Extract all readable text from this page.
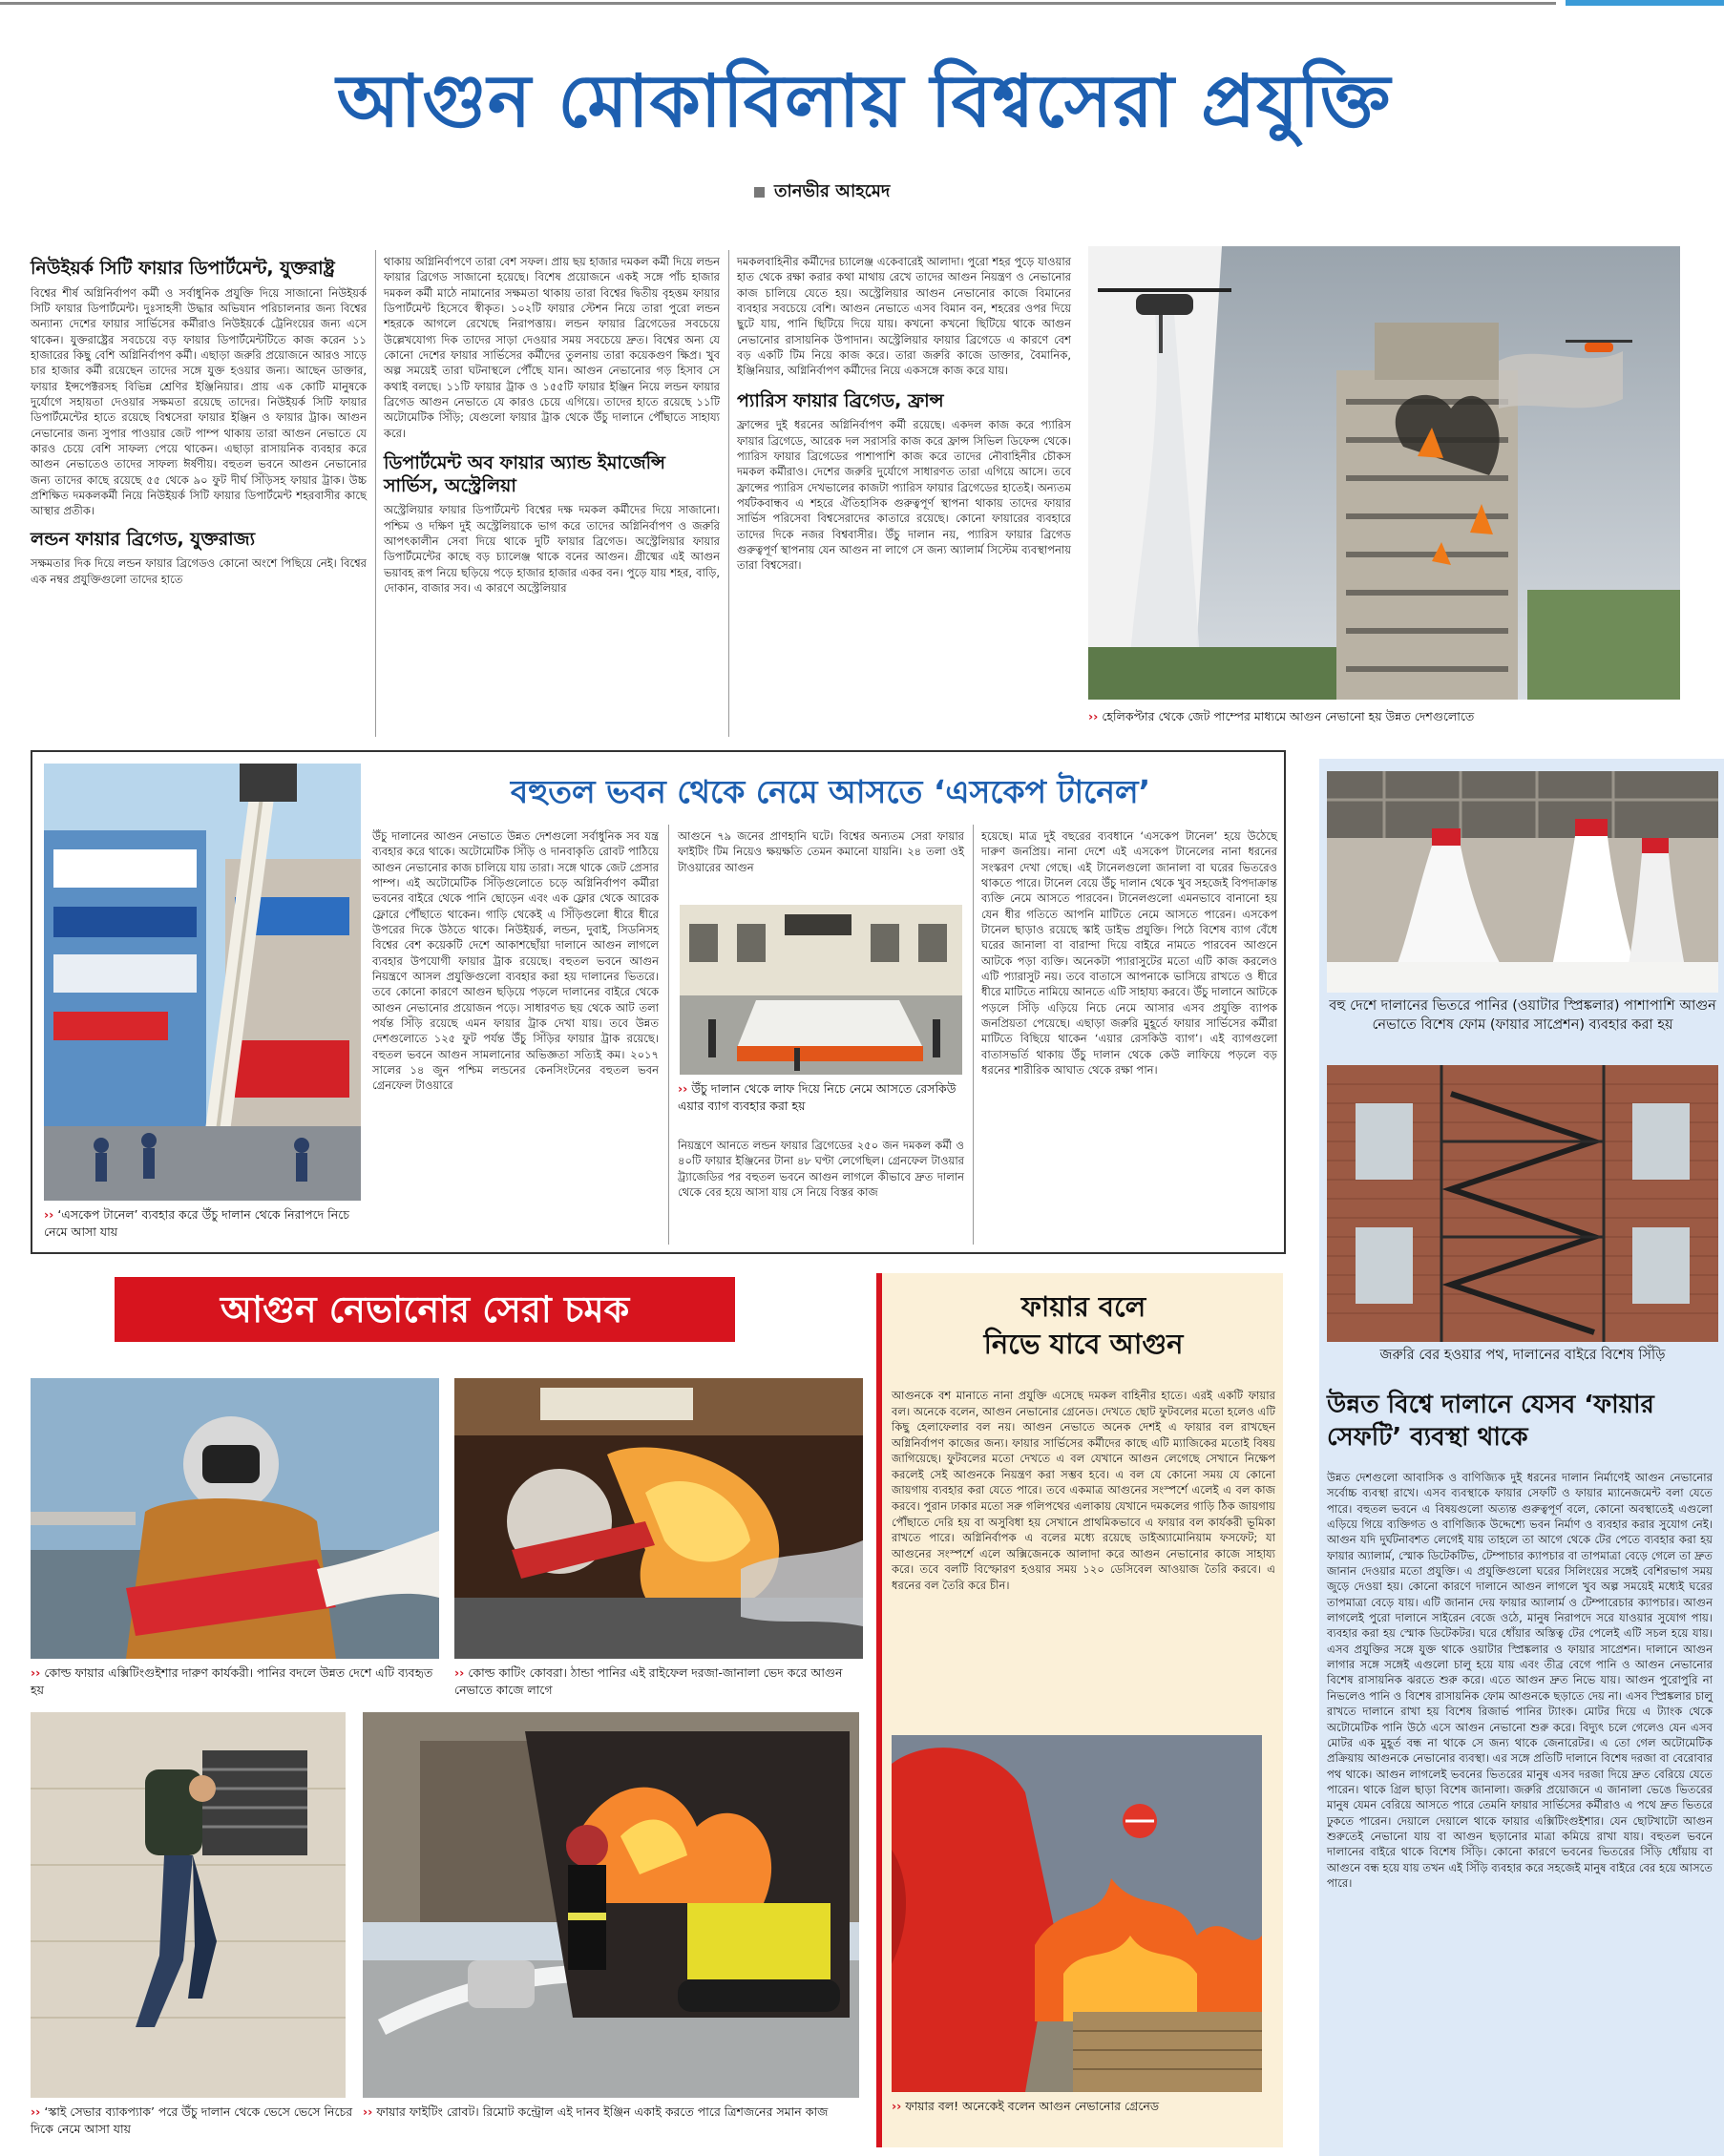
আগুন মোকাবিলায় বিশ্বসেরা প্রযুক্তি
তানভীর আহমেদ
নিউইয়র্ক সিটি ফায়ার ডিপার্টমেন্ট, যুক্তরাষ্ট্র
বিশ্বের শীর্ষ অগ্নিনির্বাপণ কর্মী ও সর্বাধুনিক প্রযুক্তি দিয়ে সাজানো নিউইয়র্ক সিটি ফায়ার ডিপার্টমেন্ট। দুঃসাহসী উদ্ধার অভিযান পরিচালনার জন্য বিশ্বের অন্যান্য দেশের ফায়ার সার্ভিসের কর্মীরাও নিউইয়র্কে ট্রেনিংয়ের জন্য এসে থাকেন। যুক্তরাষ্ট্রের সবচেয়ে বড় ফায়ার ডিপার্টমেন্টটিতে কাজ করেন ১১ হাজারের কিছু বেশি অগ্নিনির্বাপণ কর্মী। এছাড়া জরুরি প্রয়োজনে আরও সাড়ে চার হাজার কর্মী রয়েছেন তাদের সঙ্গে যুক্ত হওয়ার জন্য। আছেন ডাক্তার, ফায়ার ইন্সপেক্টরসহ বিভিন্ন শ্রেণির ইঞ্জিনিয়ার। প্রায় এক কোটি মানুষকে দুর্যোগে সহায়তা দেওয়ার সক্ষমতা রয়েছে তাদের। নিউইয়র্ক সিটি ফায়ার ডিপার্টমেন্টের হাতে রয়েছে বিশ্বসেরা ফায়ার ইঞ্জিন ও ফায়ার ট্রাক। আগুন নেভানোর জন্য সুপার পাওয়ার জেট পাম্প থাকায় তারা আগুন নেভাতে যে কারও চেয়ে বেশি সাফল্য পেয়ে থাকেন। এছাড়া রাসায়নিক ব্যবহার করে আগুন নেভাতেও তাদের সাফল্য ঈর্ষণীয়। বহুতল ভবনে আগুন নেভানোর জন্য তাদের কাছে রয়েছে ৫৫ থেকে ৯০ ফুট দীর্ঘ সিঁড়িসহ ফায়ার ট্রাক। উচ্চ প্রশিক্ষিত দমকলকর্মী নিয়ে নিউইয়র্ক সিটি ফায়ার ডিপার্টমেন্ট শহরবাসীর কাছে আস্থার প্রতীক।
লন্ডন ফায়ার ব্রিগেড, যুক্তরাজ্য
সক্ষমতার দিক দিয়ে লন্ডন ফায়ার ব্রিগেডও কোনো অংশে পিছিয়ে নেই। বিশ্বের এক নম্বর প্রযুক্তিগুলো তাদের হাতে
থাকায় অগ্নিনির্বাপণে তারা বেশ সফল। প্রায় ছয় হাজার দমকল কর্মী দিয়ে লন্ডন ফায়ার ব্রিগেড সাজানো হয়েছে। বিশেষ প্রয়োজনে একই সঙ্গে পাঁচ হাজার দমকল কর্মী মাঠে নামানোর সক্ষমতা থাকায় তারা বিশ্বের দ্বিতীয় বৃহত্তম ফায়ার ডিপার্টমেন্ট হিসেবে স্বীকৃত। ১০২টি ফায়ার স্টেশন নিয়ে তারা পুরো লন্ডন শহরকে আগলে রেখেছে নিরাপত্তায়। লন্ডন ফায়ার ব্রিগেডের সবচেয়ে উল্লেখযোগ্য দিক তাদের সাড়া দেওয়ার সময় সবচেয়ে দ্রুত। বিশ্বের অন্য যে কোনো দেশের ফায়ার সার্ভিসের কর্মীদের তুলনায় তারা কয়েকগুণ ক্ষিপ্র। খুব অল্প সময়েই তারা ঘটনাস্থলে পৌঁছে যান। আগুন নেভানোর গড় হিসাব সে কথাই বলছে। ১১টি ফায়ার ট্রাক ও ১৫৫টি ফায়ার ইঞ্জিন নিয়ে লন্ডন ফায়ার ব্রিগেড আগুন নেভাতে যে কারও চেয়ে এগিয়ে। তাদের হাতে রয়েছে ১১টি অটোমেটিক সিঁড়ি; যেগুলো ফায়ার ট্রাক থেকে উঁচু দালানে পৌঁছাতে সাহায্য করে।
ডিপার্টমেন্ট অব ফায়ার অ্যান্ড ইমার্জেন্সি সার্ভিস, অস্ট্রেলিয়া
অস্ট্রেলিয়ার ফায়ার ডিপার্টমেন্ট বিশ্বের দক্ষ দমকল কর্মীদের দিয়ে সাজানো। পশ্চিম ও দক্ষিণ দুই অস্ট্রেলিয়াকে ভাগ করে তাদের অগ্নিনির্বাপণ ও জরুরি আপৎকালীন সেবা দিয়ে থাকে দুটি ফায়ার ব্রিগেড। অস্ট্রেলিয়ার ফায়ার ডিপার্টমেন্টের কাছে বড় চ্যালেঞ্জ থাকে বনের আগুন। গ্রীষ্মের এই আগুন ভয়াবহ রূপ নিয়ে ছড়িয়ে পড়ে হাজার হাজার একর বন। পুড়ে যায় শহর, বাড়ি, দোকান, বাজার সব। এ কারণে অস্ট্রেলিয়ার
দমকলবাহিনীর কর্মীদের চ্যালেঞ্জ একেবারেই আলাদা। পুরো শহর পুড়ে যাওয়ার হাত থেকে রক্ষা করার কথা মাথায় রেখে তাদের আগুন নিয়ন্ত্রণ ও নেভানোর কাজ চালিয়ে যেতে হয়। অস্ট্রেলিয়ার আগুন নেভানোর কাজে বিমানের ব্যবহার সবচেয়ে বেশি। আগুন নেভাতে এসব বিমান বন, শহরের ওপর দিয়ে ছুটে যায়, পানি ছিটিয়ে দিয়ে যায়। কখনো কখনো ছিটিয়ে থাকে আগুন নেভানোর রাসায়নিক উপাদান। অস্ট্রেলিয়ার ফায়ার ব্রিগেডে এ কারণে বেশ বড় একটি টিম নিয়ে কাজ করে। তারা জরুরি কাজে ডাক্তার, বৈমানিক, ইঞ্জিনিয়ার, অগ্নিনির্বাপণ কর্মীদের নিয়ে একসঙ্গে কাজ করে যায়।
প্যারিস ফায়ার ব্রিগেড, ফ্রান্স
ফ্রান্সের দুই ধরনের অগ্নিনির্বাপণ কর্মী রয়েছে। একদল কাজ করে প্যারিস ফায়ার ব্রিগেডে, আরেক দল সরাসরি কাজ করে ফ্রান্স সিভিল ডিফেন্স থেকে। প্যারিস ফায়ার ব্রিগেডের পাশাপাশি কাজ করে তাদের নৌবাহিনীর চৌকস দমকল কর্মীরাও। দেশের জরুরি দুর্যোগে সাধারণত তারা এগিয়ে আসে। তবে ফ্রান্সের প্যারিস দেখভালের কাজটা প্যারিস ফায়ার ব্রিগেডের হাতেই। অন্যতম পর্যটকবান্ধব এ শহরে ঐতিহাসিক গুরুত্বপূর্ণ স্থাপনা থাকায় তাদের ফায়ার সার্ভিস পরিসেবা বিশ্বসেরাদের কাতারে রয়েছে। কোনো ফায়ারের ব্যবহারে তাদের দিকে নজর বিশ্ববাসীর। উঁচু দালান নয়, প্যারিস ফায়ার ব্রিগেড গুরুত্বপূর্ণ স্থাপনায় যেন আগুন না লাগে সে জন্য অ্যালার্ম সিস্টেম ব্যবস্থাপনায় তারা বিশ্বসেরা।
›› হেলিকপ্টার থেকে জেট পাম্পের মাধ্যমে আগুন নেভানো হয় উন্নত দেশগুলোতে
বহুতল ভবন থেকে নেমে আসতে ‘এসকেপ টানেল’
›› ‘এসকেপ টানেল’ ব্যবহার করে উঁচু দালান থেকে নিরাপদে নিচে নেমে আসা যায়
উঁচু দালানের আগুন নেভাতে উন্নত দেশগুলো সর্বাধুনিক সব যন্ত্র ব্যবহার করে থাকে। অটোমেটিক সিঁড়ি ও দানবাকৃতি রোবট পাঠিয়ে আগুন নেভানোর কাজ চালিয়ে যায় তারা। সঙ্গে থাকে জেট প্রেসার পাম্প। এই অটোমেটিক সিঁড়িগুলোতে চড়ে অগ্নিনির্বাপণ কর্মীরা ভবনের বাইরে থেকে পানি ছোড়েন এবং এক ফ্লোর থেকে আরেক ফ্লোরে পৌঁছাতে থাকেন। গাড়ি থেকেই এ সিঁড়িগুলো ধীরে ধীরে উপরের দিকে উঠতে থাকে। নিউইয়র্ক, লন্ডন, দুবাই, সিডনিসহ বিশ্বের বেশ কয়েকটি দেশে আকাশছোঁয়া দালানে আগুন লাগলে ব্যবহার উপযোগী ফায়ার ট্রাক রয়েছে। বহুতল ভবনে আগুন নিয়ন্ত্রণে আসল প্রযুক্তিগুলো ব্যবহার করা হয় দালানের ভিতরে। তবে কোনো কারণে আগুন ছড়িয়ে পড়লে দালানের বাইরে থেকে আগুন নেভানোর প্রয়োজন পড়ে। সাধারণত ছয় থেকে আট তলা পর্যন্ত সিঁড়ি রয়েছে এমন ফায়ার ট্রাক দেখা যায়। তবে উন্নত দেশগুলোতে ১২৫ ফুট পর্যন্ত উঁচু সিঁড়ির ফায়ার ট্রাক রয়েছে। বহুতল ভবনে আগুন সামলানোর অভিজ্ঞতা সত্যিই কম। ২০১৭ সালের ১৪ জুন পশ্চিম লন্ডনের কেনসিংটনের বহুতল ভবন গ্রেনফেল টাওয়ারে
আগুনে ৭৯ জনের প্রাণহানি ঘটে। বিশ্বের অন্যতম সেরা ফায়ার ফাইটিং টিম নিয়েও ক্ষয়ক্ষতি তেমন কমানো যায়নি। ২৪ তলা ওই টাওয়ারের আগুন
›› উঁচু দালান থেকে লাফ দিয়ে নিচে নেমে আসতে রেসকিউ এয়ার ব্যাগ ব্যবহার করা হয়
নিয়ন্ত্রণে আনতে লন্ডন ফায়ার ব্রিগেডের ২৫০ জন দমকল কর্মী ও ৪০টি ফায়ার ইঞ্জিনের টানা ৪৮ ঘণ্টা লেগেছিল। গ্রেনফেল টাওয়ার ট্র্যাজেডির পর বহুতল ভবনে আগুন লাগলে কীভাবে দ্রুত দালান থেকে বের হয়ে আসা যায় সে নিয়ে বিস্তর কাজ
হয়েছে। মাত্র দুই বছরের ব্যবধানে ‘এসকেপ টানেল’ হয়ে উঠেছে দারুণ জনপ্রিয়। নানা দেশে এই এসকেপ টানেলের নানা ধরনের সংস্করণ দেখা গেছে। এই টানেলগুলো জানালা বা ঘরের ভিতরেও থাকতে পারে। টানেল বেয়ে উঁচু দালান থেকে খুব সহজেই বিপদাক্রান্ত ব্যক্তি নেমে আসতে পারবেন। টানেলগুলো এমনভাবে বানানো হয় যেন ধীর গতিতে আপনি মাটিতে নেমে আসতে পারেন। এসকেপ টানেল ছাড়াও রয়েছে স্কাই ডাইভ প্রযুক্তি। পিঠে বিশেষ ব্যাগ বেঁধে ঘরের জানালা বা বারান্দা দিয়ে বাইরে নামতে পারবেন আগুনে আটকে পড়া ব্যক্তি। অনেকটা প্যারাসুটের মতো এটি কাজ করলেও এটি প্যারাসুট নয়। তবে বাতাসে আপনাকে ভাসিয়ে রাখতে ও ধীরে ধীরে মাটিতে নামিয়ে আনতে এটি সাহায্য করবে। উঁচু দালানে আটকে পড়লে সিঁড়ি এড়িয়ে নিচে নেমে আসার এসব প্রযুক্তি ব্যাপক জনপ্রিয়তা পেয়েছে। এছাড়া জরুরি মুহূর্তে ফায়ার সার্ভিসের কর্মীরা মাটিতে বিছিয়ে থাকেন ‘এয়ার রেসকিউ ব্যাগ’। এই ব্যাগগুলো বাতাসভর্তি থাকায় উঁচু দালান থেকে কেউ লাফিয়ে পড়লে বড় ধরনের শারীরিক আঘাত থেকে রক্ষা পান।
বহু দেশে দালানের ভিতরে পানির (ওয়াটার স্প্রিঙ্কলার) পাশাপাশি আগুন নেভাতে বিশেষ ফোম (ফায়ার সাপ্রেশন) ব্যবহার করা হয়
জরুরি বের হওয়ার পথ, দালানের বাইরে বিশেষ সিঁড়ি
উন্নত বিশ্বে দালানে যেসব ‘ফায়ার সেফটি’ ব্যবস্থা থাকে
উন্নত দেশগুলো আবাসিক ও বাণিজ্যিক দুই ধরনের দালান নির্মাণেই আগুন নেভানোর সর্বোচ্চ ব্যবস্থা রাখে। এসব ব্যবস্থাকে ফায়ার সেফটি ও ফায়ার ম্যানেজমেন্ট বলা যেতে পারে। বহুতল ভবনে এ বিষয়গুলো অত্যন্ত গুরুত্বপূর্ণ বলে, কোনো অবস্থাতেই এগুলো এড়িয়ে গিয়ে ব্যক্তিগত ও বাণিজ্যিক উদ্দেশ্যে ভবন নির্মাণ ও ব্যবহার করার সুযোগ নেই। আগুন যদি দুর্ঘটনাবশত লেগেই যায় তাহলে তা আগে থেকে টের পেতে ব্যবহার করা হয় ফায়ার অ্যালার্ম, স্মোক ডিটেকটিভ, টেম্পাচার ক্যাপচার বা তাপমাত্রা বেড়ে গেলে তা দ্রুত জানান দেওয়ার মতো প্রযুক্তি। এ প্রযুক্তিগুলো ঘরের সিলিংয়ের সঙ্গেই বেশিরভাগ সময় জুড়ে দেওয়া হয়। কোনো কারণে দালানে আগুন লাগলে খুব অল্প সময়েই মধ্যেই ঘরের তাপমাত্রা বেড়ে যায়। এটি জানান দেয় ফায়ার অ্যালার্ম ও টেম্পারেচার ক্যাপচার। আগুন লাগলেই পুরো দালানে সাইরেন বেজে ওঠে, মানুষ নিরাপদে সরে যাওয়ার সুযোগ পায়। ব্যবহার করা হয় স্মোক ডিটেকটর। ঘরে ধোঁয়ার অস্তিত্ব টের পেলেই এটি সচল হয়ে যায়। এসব প্রযুক্তির সঙ্গে যুক্ত থাকে ওয়াটার স্প্রিঙ্কলার ও ফায়ার সাপ্রেশন। দালানে আগুন লাগার সঙ্গে সঙ্গেই এগুলো চালু হয়ে যায় এবং তীব্র বেগে পানি ও আগুন নেভানোর বিশেষ রাসায়নিক ঝরতে শুরু করে। এতে আগুন দ্রুত নিভে যায়। আগুন পুরোপুরি না নিভলেও পানি ও বিশেষ রাসায়নিক ফোম আগুনকে ছড়াতে দেয় না। এসব স্প্রিঙ্কলার চালু রাখতে দালানে রাখা হয় বিশেষ রিজার্ভ পানির ট্যাংক। মোটর দিয়ে এ ট্যাংক থেকে অটোমেটিক পানি উঠে এসে আগুন নেভানো শুরু করে। বিদ্যুৎ চলে গেলেও যেন এসব মোটর এক মুহূর্ত বন্ধ না থাকে সে জন্য থাকে জেনারেটর। এ তো গেল অটোমেটিক প্রক্রিয়ায় আগুনকে নেভানোর ব্যবস্থা। এর সঙ্গে প্রতিটি দালানে বিশেষ দরজা বা বেরোবার পথ থাকে। আগুন লাগলেই ভবনের ভিতরের মানুষ এসব দরজা দিয়ে দ্রুত বেরিয়ে যেতে পারেন। থাকে গ্রিল ছাড়া বিশেষ জানালা। জরুরি প্রয়োজনে এ জানালা ভেঙে ভিতরের মানুষ যেমন বেরিয়ে আসতে পারে তেমনি ফায়ার সার্ভিসের কর্মীরাও এ পথে দ্রুত ভিতরে ঢুকতে পারেন। দেয়ালে দেয়ালে থাকে ফায়ার এক্সিটিংগুইশার। যেন ছোটখাটো আগুন শুরুতেই নেভানো যায় বা আগুন ছড়ানোর মাত্রা কমিয়ে রাখা যায়। বহুতল ভবনে দালানের বাইরে থাকে বিশেষ সিঁড়ি। কোনো কারণে ভবনের ভিতরের সিঁড়ি ধোঁয়ায় বা আগুনে বন্ধ হয়ে যায় তখন এই সিঁড়ি ব্যবহার করে সহজেই মানুষ বাইরে বের হয়ে আসতে পারে।
আগুন নেভানোর সেরা চমক
›› কোল্ড ফায়ার এক্সিটিংগুইশার দারুণ কার্যকরী। পানির বদলে উন্নত দেশে এটি ব্যবহৃত হয়
›› কোল্ড কাটিং কোবরা। ঠান্ডা পানির এই রাইফেল দরজা-জানালা ভেদ করে আগুন নেভাতে কাজে লাগে
›› ‘স্কাই সেভার ব্যাকপ্যাক’ পরে উঁচু দালান থেকে ভেসে ভেসে নিচের দিকে নেমে আসা যায়
›› ফায়ার ফাইটিং রোবট। রিমোট কন্ট্রোল এই দানব ইঞ্জিন একাই করতে পারে ত্রিশজনের সমান কাজ
ফায়ার বলে
নিভে যাবে আগুন
আগুনকে বশ মানাতে নানা প্রযুক্তি এসেছে দমকল বাহিনীর হাতে। এরই একটি ফায়ার বল। অনেকে বলেন, আগুন নেভানোর গ্রেনেড। দেখতে ছোট ফুটবলের মতো হলেও এটি কিছু হেলাফেলার বল নয়। আগুন নেভাতে অনেক দেশই এ ফায়ার বল রাখছেন অগ্নিনির্বাপণ কাজের জন্য। ফায়ার সার্ভিসের কর্মীদের কাছে এটি ম্যাজিকের মতোই বিষয় জাগিয়েছে। ফুটবলের মতো দেখতে এ বল যেখানে আগুন লেগেছে সেখানে নিক্ষেপ করলেই সেই আগুনকে নিয়ন্ত্রণ করা সম্ভব হবে। এ বল যে কোনো সময় যে কোনো জায়গায় ব্যবহার করা যেতে পারে। তবে একমাত্র আগুনের সংস্পর্শে এলেই এ বল কাজ করবে। পুরান ঢাকার মতো সরু গলিপথের এলাকায় যেখানে দমকলের গাড়ি ঠিক জায়গায় পৌঁছাতে দেরি হয় বা অসুবিধা হয় সেখানে প্রাথমিকভাবে এ ফায়ার বল কার্যকরী ভূমিকা রাখতে পারে। অগ্নিনির্বাপক এ বলের মধ্যে রয়েছে ডাইঅ্যামোনিয়াম ফসফেট; যা আগুনের সংস্পর্শে এলে অক্সিজেনকে আলাদা করে আগুন নেভানোর কাজে সাহায্য করে। তবে বলটি বিস্ফোরণ হওয়ার সময় ১২০ ডেসিবেল আওয়াজ তৈরি করবে। এ ধরনের বল তৈরি করে চীন।
›› ফায়ার বল! অনেকেই বলেন আগুন নেভানোর গ্রেনেড
